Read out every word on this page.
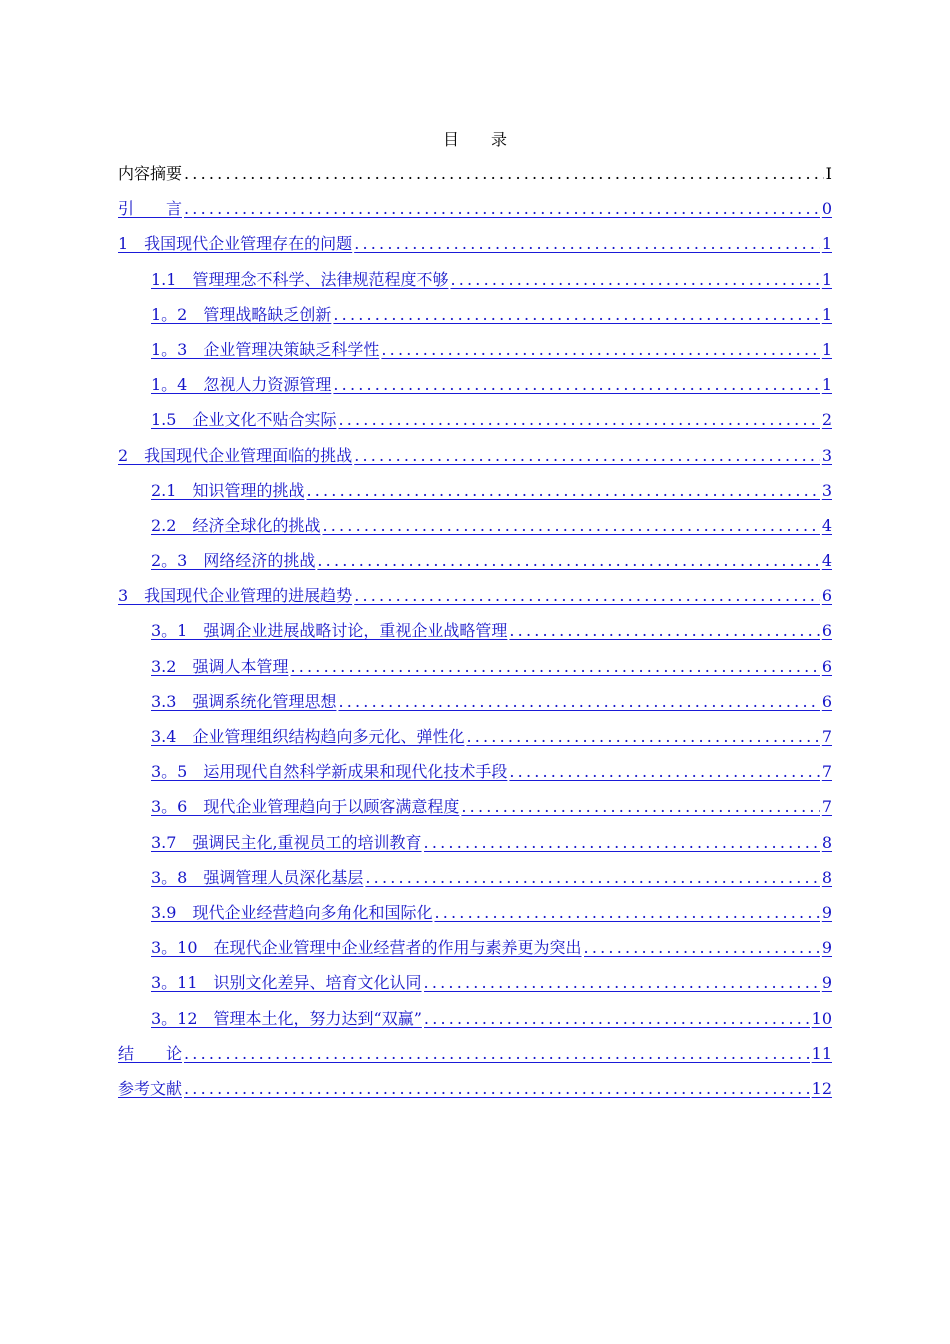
目　　录
内容摘要 .....	I
引　　言 .....	0
1　我国现代企业管理存在的问题 .....	1
1.1　管理理念不科学、法律规范程度不够 .....	1
1。2　管理战略缺乏创新 .....	1
1。3　企业管理决策缺乏科学性 .....	1
1。4　忽视人力资源管理 .....	1
1.5　企业文化不贴合实际 .....	2
2　我国现代企业管理面临的挑战 .....	3
2.1　知识管理的挑战 .....	3
2.2　经济全球化的挑战 .....	4
2。3　网络经济的挑战 .....	4
3　我国现代企业管理的进展趋势 .....	6
3。1　强调企业进展战略讨论，重视企业战略管理 .....	6
3.2　强调人本管理 .....	6
3.3　强调系统化管理思想 .....	6
3.4　企业管理组织结构趋向多元化、弹性化 .....	7
3。5　运用现代自然科学新成果和现代化技术手段 .....	7
3。6　现代企业管理趋向于以顾客满意程度 .....	7
3.7　强调民主化,重视员工的培训教育 .....	8
3。8　强调管理人员深化基层 .....	8
3.9　现代企业经营趋向多角化和国际化 .....	9
3。10　在现代企业管理中企业经营者的作用与素养更为突出 .....	9
3。11　识别文化差异、培育文化认同 .....	9
3。12　管理本土化，努力达到“双赢” .....	10
结　　论 .....	11
参考文献 .....	12
